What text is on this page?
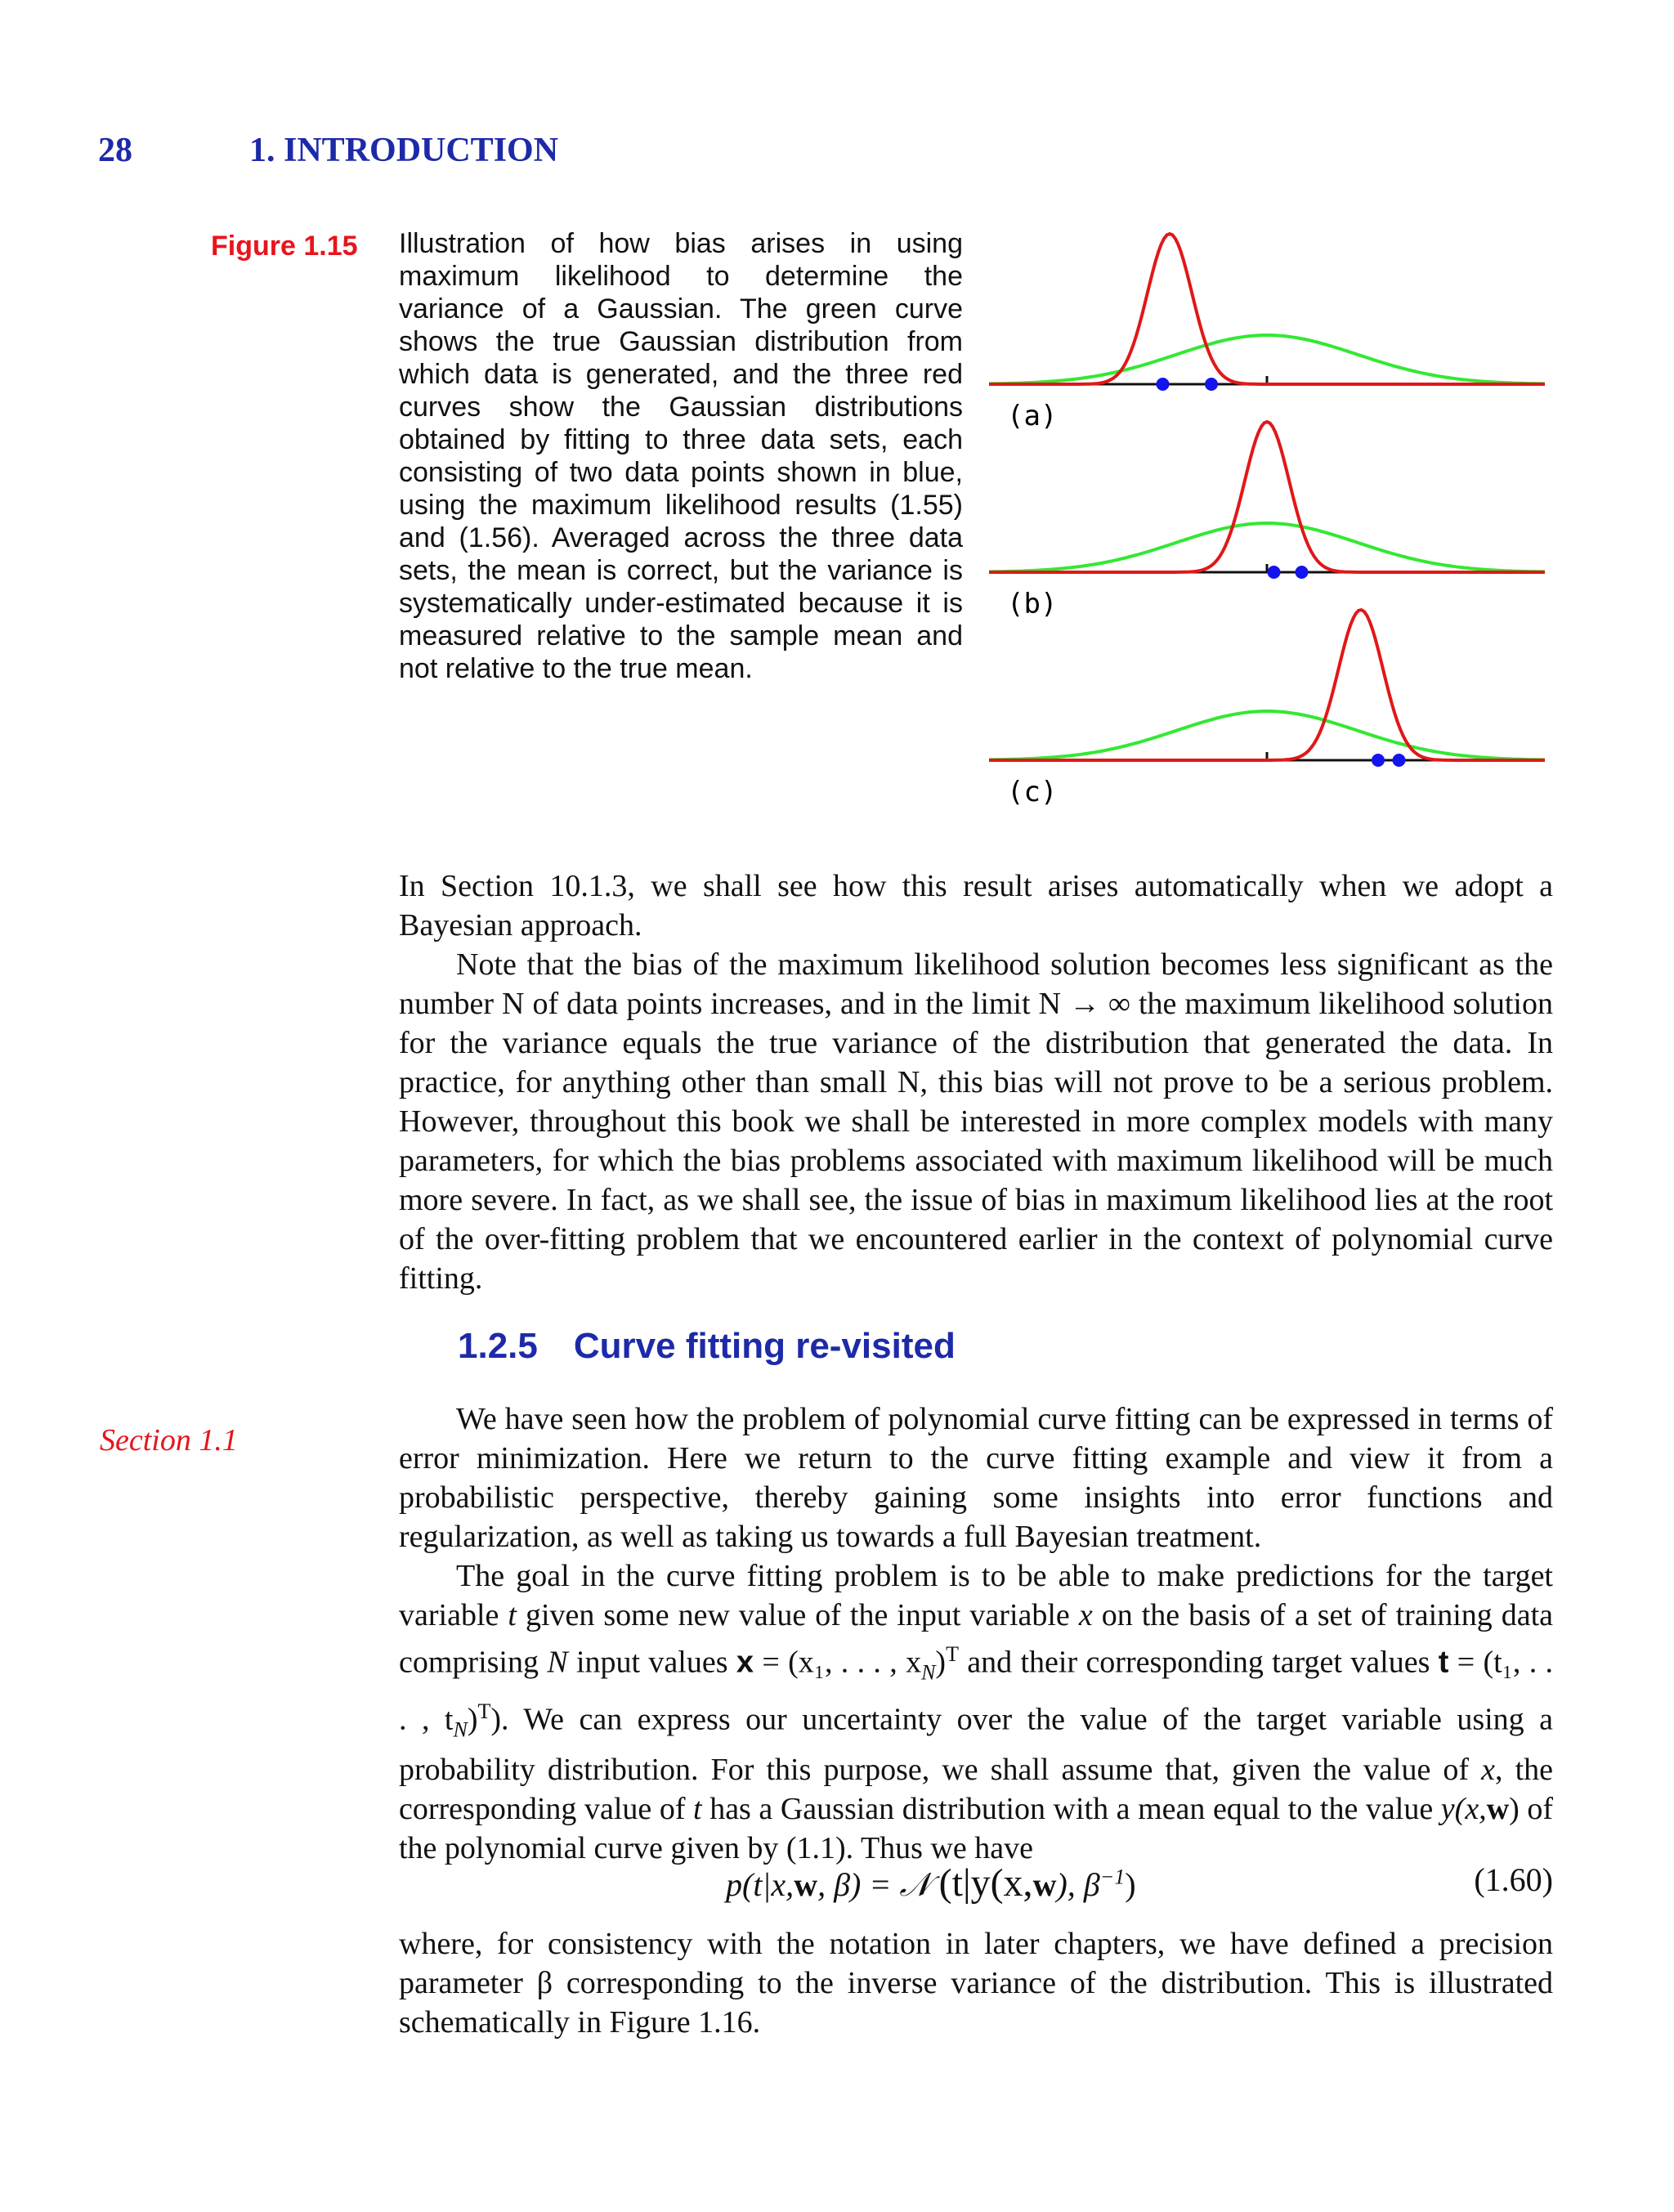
28	1. INTRODUCTION
Figure 1.15 Illustration of how bias arises in using maximum likelihood to determine the variance of a Gaussian. The green curve shows the true Gaussian distribution from which data is generated, and the three red curves show the Gaussian distributions obtained by fitting to three data sets, each consisting of two data points shown in blue, using the maximum likelihood results (1.55) and (1.56). Averaged across the three data sets, the mean is correct, but the variance is systematically under-estimated because it is measured relative to the sample mean and not relative to the true mean.
(a)
(b)
(c)

In Section 10.1.3, we shall see how this result arises automatically when we adopt a Bayesian approach.

Note that the bias of the maximum likelihood solution becomes less significant as the number N of data points increases, and in the limit N → ∞ the maximum likelihood solution for the variance equals the true variance of the distribution that generated the data. In practice, for anything other than small N, this bias will not prove to be a serious problem. However, throughout this book we shall be interested in more complex models with many parameters, for which the bias problems associated with maximum likelihood will be much more severe. In fact, as we shall see, the issue of bias in maximum likelihood lies at the root of the over-fitting problem that we encountered earlier in the context of polynomial curve fitting.

1.2.5 Curve fitting re-visited
Section 1.1

We have seen how the problem of polynomial curve fitting can be expressed in terms of error minimization. Here we return to the curve fitting example and view it from a probabilistic perspective, thereby gaining some insights into error functions and regularization, as well as taking us towards a full Bayesian treatment.

The goal in the curve fitting problem is to be able to make predictions for the target variable t given some new value of the input variable x on the basis of a set of training data comprising N input values x = (x₁, . . . , $x_N)^T$ and their corresponding target values t = (t₁, . . . , $t_N)^T$). We can express our uncertainty over the value of the target variable using a probability distribution. For this purpose, we shall assume that, given the value of x, the corresponding value of t has a Gaussian distribution with a mean equal to the value y(x,w) of the polynomial curve given by (1.1). Thus we have

p(t|x,w, β) = 𝒩 (t|y(x,w), $\beta^{-1}$)	(1.60)

where, for consistency with the notation in later chapters, we have defined a precision parameter β corresponding to the inverse variance of the distribution. This is illustrated schematically in Figure 1.16.
